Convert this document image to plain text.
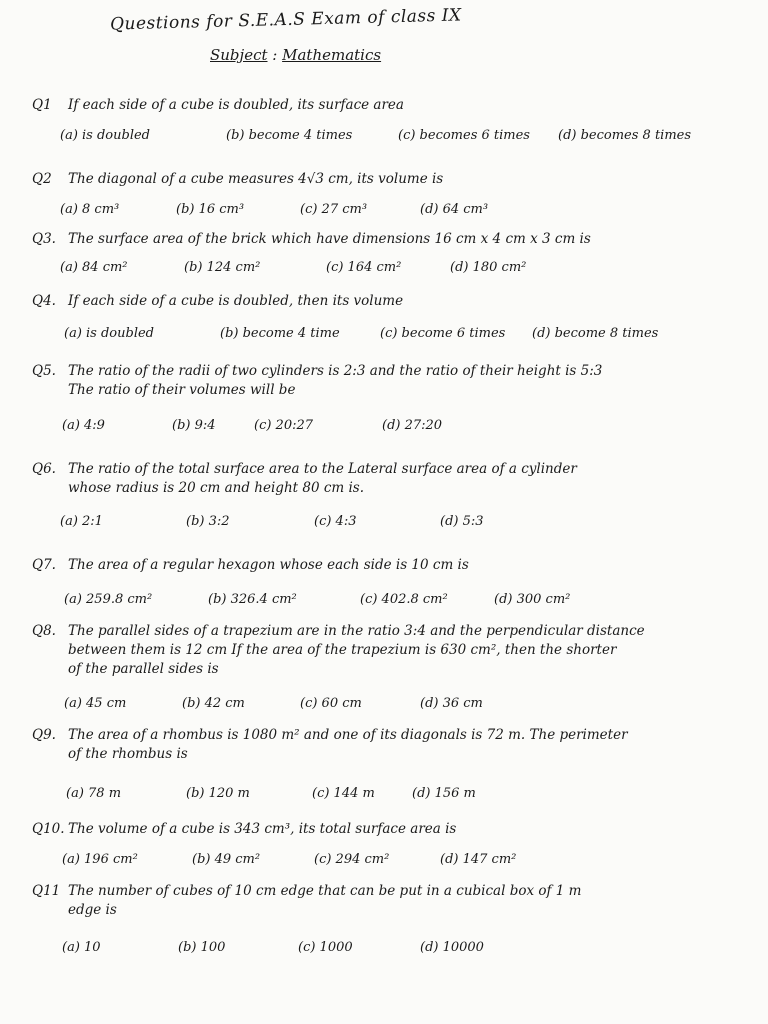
Questions for S.E.A.S Exam of class IX
Subject : Mathematics
Q1 If each side of a cube is doubled, its surface area
(a) is doubled	(b) become 4 times	(c) becomes 6 times (d) becomes 8 times
Q2 The diagonal of a cube measures 4√3 cm, its volume is
(a) 8 cm³	(b) 16 cm³	(c) 27 cm³	(d) 64 cm³
Q3. The surface area of the brick which have dimensions 16 cm x 4 cm x 3 cm is
(a) 84 cm²	(b) 124 cm²	(c) 164 cm²	(d) 180 cm²
Q4. If each side of a cube is doubled, then its volume
(a) is doubled	(b) become 4 time	(c) become 6 times (d) become 8 times
Q5. The ratio of the radii of two cylinders is 2:3 and the ratio of their height is 5:3
The ratio of their volumes will be
(a) 4:9	(b) 9:4	(c) 20:27	(d) 27:20
Q6. The ratio of the total surface area to the Lateral surface area of a cylinder
whose radius is 20 cm and height 80 cm is.
(a) 2:1	(b) 3:2	(c) 4:3	(d) 5:3
Q7. The area of a regular hexagon whose each side is 10 cm is
(a) 259.8 cm²	(b) 326.4 cm²	(c) 402.8 cm²	(d) 300 cm²
Q8. The parallel sides of a trapezium are in the ratio 3:4 and the perpendicular distance
between them is 12 cm If the area of the trapezium is 630 cm², then the shorter
of the parallel sides is
(a) 45 cm	(b) 42 cm	(c) 60 cm	(d) 36 cm
Q9. The area of a rhombus is 1080 m² and one of its diagonals is 72 m. The perimeter
of the rhombus is
(a) 78 m	(b) 120 m	(c) 144 m	(d) 156 m
Q10. The volume of a cube is 343 cm³, its total surface area is
(a) 196 cm²	(b) 49 cm²	(c) 294 cm²	(d) 147 cm²
Q11 The number of cubes of 10 cm edge that can be put in a cubical box of 1 m
edge is
(a) 10	(b) 100	(c) 1000	(d) 10000
